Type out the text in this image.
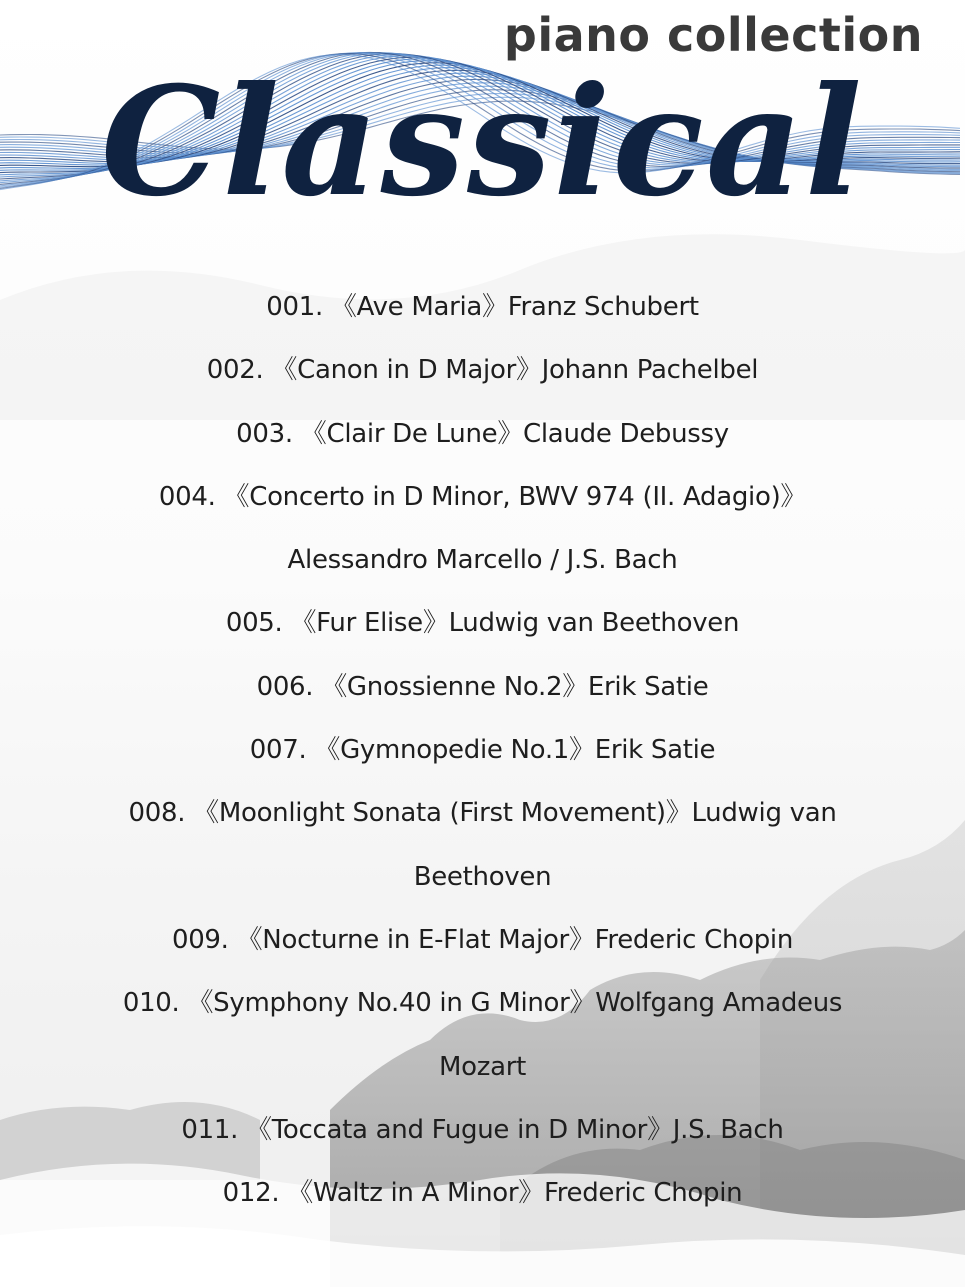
piano collection
Classical
001. 《Ave Maria》Franz Schubert
002. 《Canon in D Major》Johann Pachelbel
003. 《Clair De Lune》Claude Debussy
004. 《Concerto in D Minor, BWV 974 (II. Adagio)》
Alessandro Marcello / J.S. Bach
005. 《Fur Elise》Ludwig van Beethoven
006. 《Gnossienne No.2》Erik Satie
007. 《Gymnopedie No.1》Erik Satie
008. 《Moonlight Sonata (First Movement)》Ludwig van
Beethoven
009. 《Nocturne in E-Flat Major》Frederic Chopin
010. 《Symphony No.40 in G Minor》Wolfgang Amadeus
Mozart
011. 《Toccata and Fugue in D Minor》J.S. Bach
012. 《Waltz in A Minor》Frederic Chopin
